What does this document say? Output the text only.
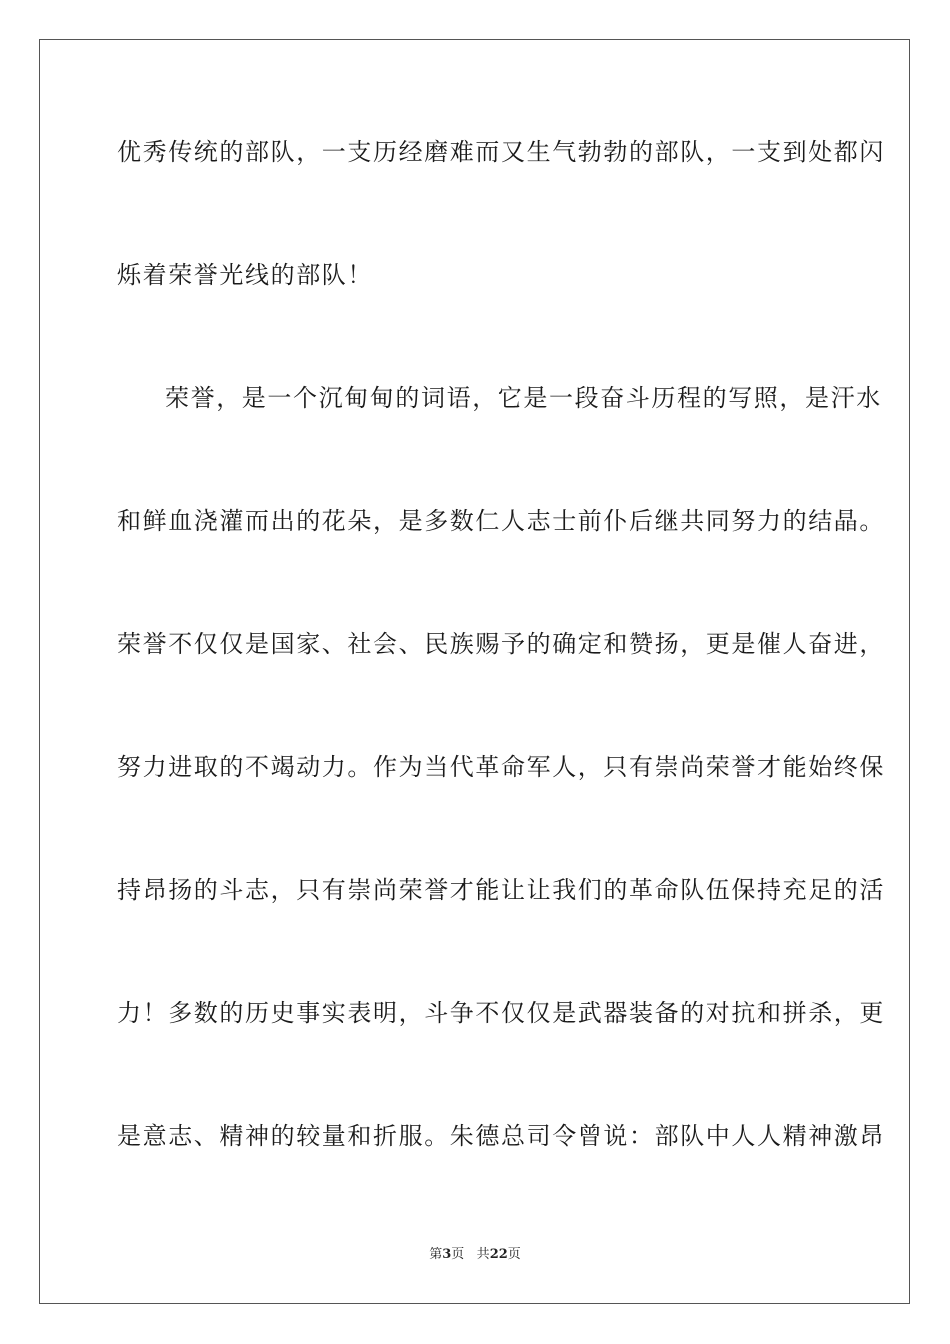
优秀传统的部队，一支历经磨难而又生气勃勃的部队，一支到处都闪
烁着荣誉光线的部队！
荣誉，是一个沉甸甸的词语，它是一段奋斗历程的写照，是汗水
和鲜血浇灌而出的花朵，是多数仁人志士前仆后继共同努力的结晶。
荣誉不仅仅是国家、社会、民族赐予的确定和赞扬，更是催人奋进，
努力进取的不竭动力。作为当代革命军人，只有崇尚荣誉才能始终保
持昂扬的斗志，只有崇尚荣誉才能让让我们的革命队伍保持充足的活
力！多数的历史事实表明，斗争不仅仅是武器装备的对抗和拼杀，更
是意志、精神的较量和折服。朱德总司令曾说：部队中人人精神激昂
第3页 共22页
